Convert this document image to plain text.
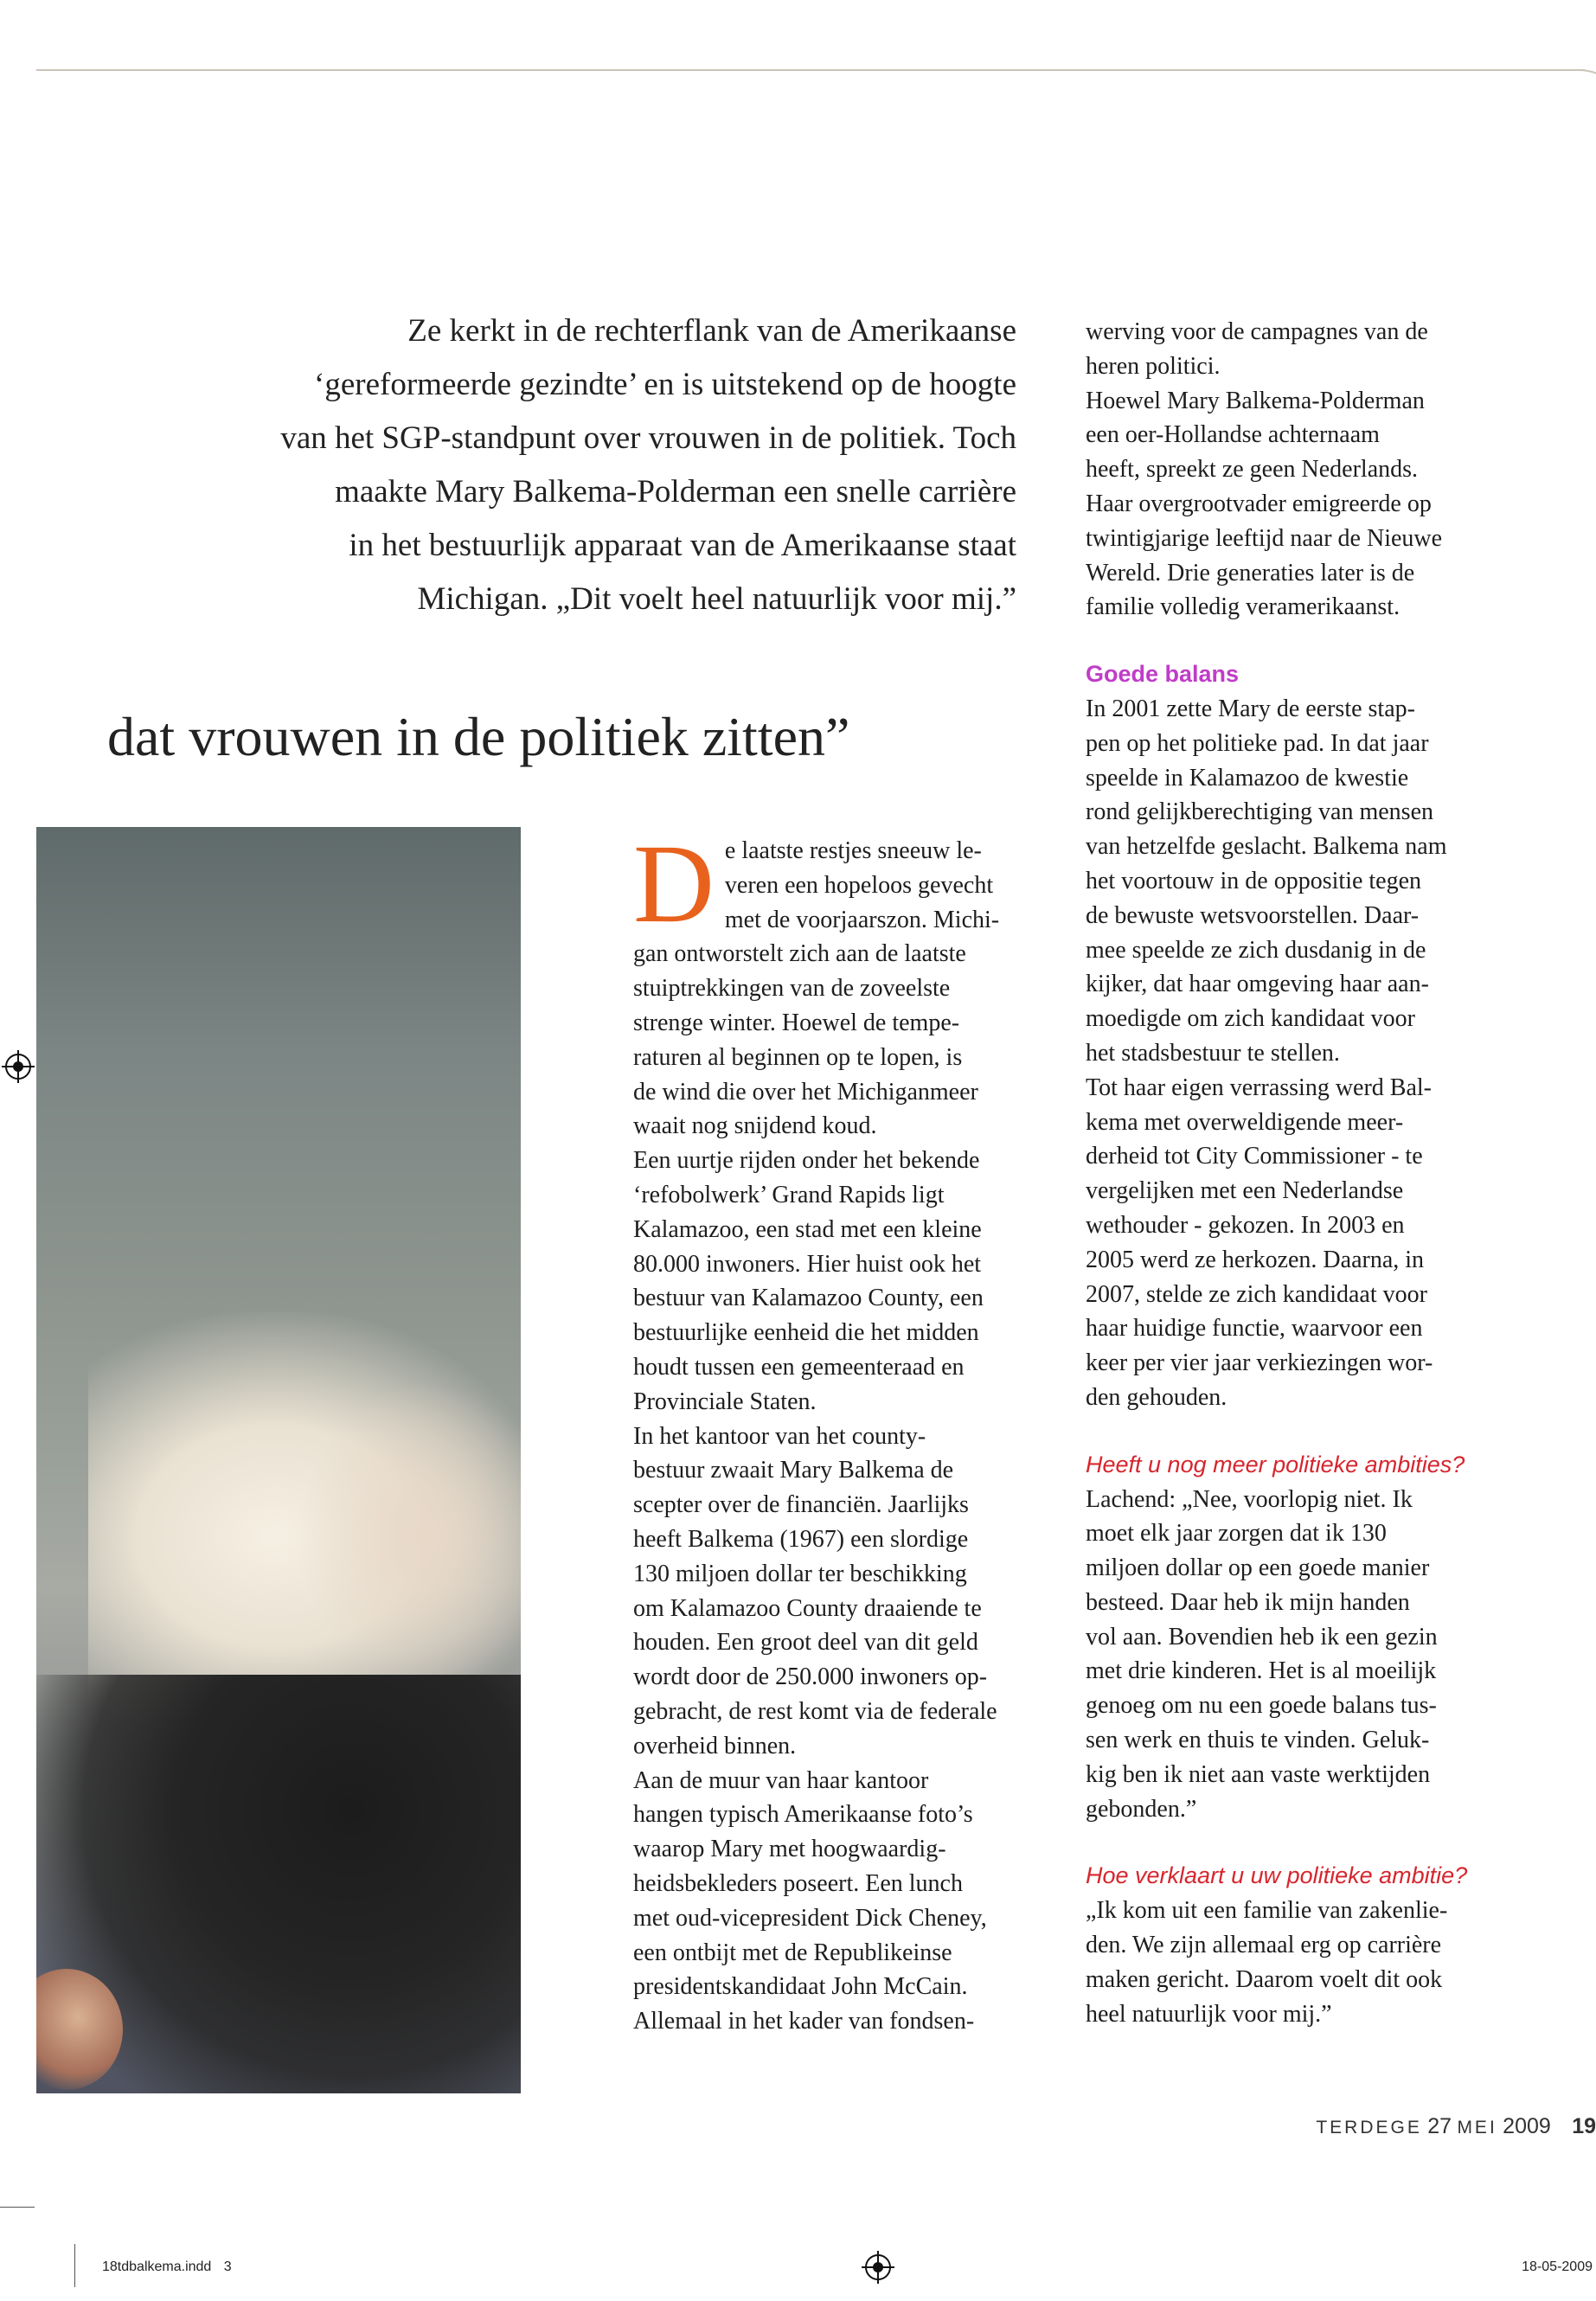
Ze kerkt in de rechterflank van de Amerikaanse

‘gereformeerde gezindte’ en is uitstekend op de hoogte

van het SGP-standpunt over vrouwen in de politiek. Toch

maakte Mary Balkema-Polderman een snelle carrière

in het bestuurlijk apparaat van de Amerikaanse staat

Michigan. „Dit voelt heel natuurlijk voor mij.”

dat vrouwen in de politiek zitten”
D e laatste restjes sneeuw le-

veren een hopeloos gevecht

met de voorjaarszon. Michi-

gan ontworstelt zich aan de laatste

stuiptrekkingen van de zoveelste

strenge winter. Hoewel de tempe-

raturen al beginnen op te lopen, is

de wind die over het Michiganmeer

waait nog snijdend koud.

Een uurtje rijden onder het bekende

‘refobolwerk’ Grand Rapids ligt

Kalamazoo, een stad met een kleine

80.000 inwoners. Hier huist ook het

bestuur van Kalamazoo County, een

bestuurlijke eenheid die het midden

houdt tussen een gemeenteraad en

Provinciale Staten.

In het kantoor van het county-

bestuur zwaait Mary Balkema de

scepter over de financiën. Jaarlijks

heeft Balkema (1967) een slordige

130 miljoen dollar ter beschikking

om Kalamazoo County draaiende te

houden. Een groot deel van dit geld

wordt door de 250.000 inwoners op-

gebracht, de rest komt via de federale

overheid binnen.

Aan de muur van haar kantoor

hangen typisch Amerikaanse foto’s

waarop Mary met hoogwaardig-

heidsbekleders poseert. Een lunch

met oud-vicepresident Dick Cheney,

een ontbijt met de Republikeinse

presidentskandidaat John McCain.

Allemaal in het kader van fondsen-

werving voor de campagnes van de

heren politici.

Hoewel Mary Balkema-Polderman

een oer-Hollandse achternaam

heeft, spreekt ze geen Nederlands.

Haar overgrootvader emigreerde op

twintigjarige leeftijd naar de Nieuwe

Wereld. Drie generaties later is de

familie volledig veramerikaanst.

Goede balans

In 2001 zette Mary de eerste stap-

pen op het politieke pad. In dat jaar

speelde in Kalamazoo de kwestie

rond gelijkberechtiging van mensen

van hetzelfde geslacht. Balkema nam

het voortouw in de oppositie tegen

de bewuste wetsvoorstellen. Daar-

mee speelde ze zich dusdanig in de

kijker, dat haar omgeving haar aan-

moedigde om zich kandidaat voor

het stadsbestuur te stellen.

Tot haar eigen verrassing werd Bal-

kema met overweldigende meer-

derheid tot City Commissioner - te

vergelijken met een Nederlandse

wethouder - gekozen. In 2003 en

2005 werd ze herkozen. Daarna, in

2007, stelde ze zich kandidaat voor

haar huidige functie, waarvoor een

keer per vier jaar verkiezingen wor-

den gehouden.

Heeft u nog meer politieke ambities?

Lachend: „Nee, voorlopig niet. Ik

moet elk jaar zorgen dat ik 130

miljoen dollar op een goede manier

besteed. Daar heb ik mijn handen

vol aan. Bovendien heb ik een gezin

met drie kinderen. Het is al moeilijk

genoeg om nu een goede balans tus-

sen werk en thuis te vinden. Geluk-

kig ben ik niet aan vaste werktijden

gebonden.”

Hoe verklaart u uw politieke ambitie?

„Ik kom uit een familie van zakenlie-

den. We zijn allemaal erg op carrière

maken gericht. Daarom voelt dit ook

heel natuurlijk voor mij.”

TERDEGE 27 MEI 2009 19
18tdbalkema.indd 3	18-05-2009
